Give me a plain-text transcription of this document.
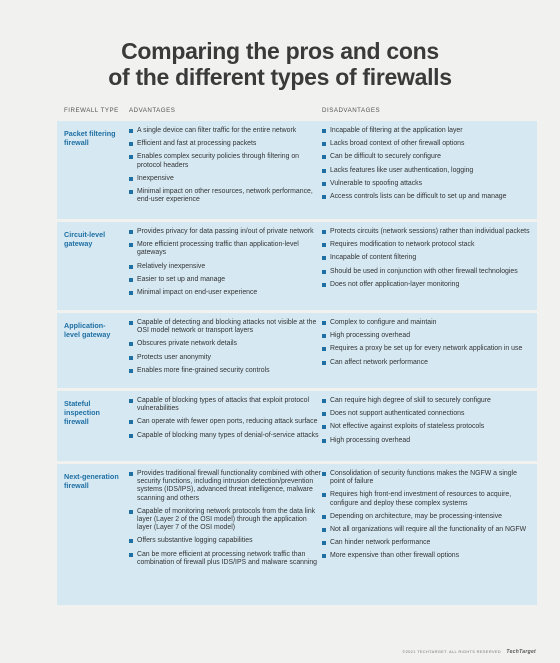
Comparing the pros and cons
of the different types of firewalls
FIREWALL TYPE ADVANTAGES	DISADVANTAGES
Packet filtering firewall
A single device can filter traffic for the entire network
Efficient and fast at processing packets
Enables complex security policies through filtering on protocol headers
Inexpensive
Minimal impact on other resources, network performance, end-user experience
Incapable of filtering at the application layer
Lacks broad context of other firewall options
Can be difficult to securely configure
Lacks features like user authentication, logging
Vulnerable to spoofing attacks
Access controls lists can be difficult to set up and manage
Circuit-level gateway
Provides privacy for data passing in/out of private network
More efficient processing traffic than application-level gateways
Relatively inexpensive
Easier to set up and manage
Minimal impact on end-user experience
Protects circuits (network sessions) rather than individual packets
Requires modification to network protocol stack
Incapable of content filtering
Should be used in conjunction with other firewall technologies
Does not offer application-layer monitoring
Application-level gateway
Capable of detecting and blocking attacks not visible at the OSI model network or transport layers
Obscures private network details
Protects user anonymity
Enables more fine-grained security controls
Complex to configure and maintain
High processing overhead
Requires a proxy be set up for every network application in use
Can affect network performance
Stateful inspection firewall
Capable of blocking types of attacks that exploit protocol vulnerabilities
Can operate with fewer open ports, reducing attack surface
Capable of blocking many types of denial-of-service attacks
Can require high degree of skill to securely configure
Does not support authenticated connections
Not effective against exploits of stateless protocols
High processing overhead
Next-generation firewall
Provides traditional firewall functionality combined with other security functions, including intrusion detection/prevention systems (IDS/IPS), advanced threat intelligence, malware scanning and others
Capable of monitoring network protocols from the data link layer (Layer 2 of the OSI model) through the application layer (Layer 7 of the OSI model)
Offers substantive logging capabilities
Can be more efficient at processing network traffic than combination of firewall plus IDS/IPS and malware scanning
Consolidation of security functions makes the NGFW a single point of failure
Requires high front-end investment of resources to acquire, configure and deploy these complex systems
Depending on architecture, may be processing-intensive
Not all organizations will require all the functionality of an NGFW
Can hinder network performance
More expensive than other firewall options
©2021 TECHTARGET. ALL RIGHTS RESERVED TechTarget
